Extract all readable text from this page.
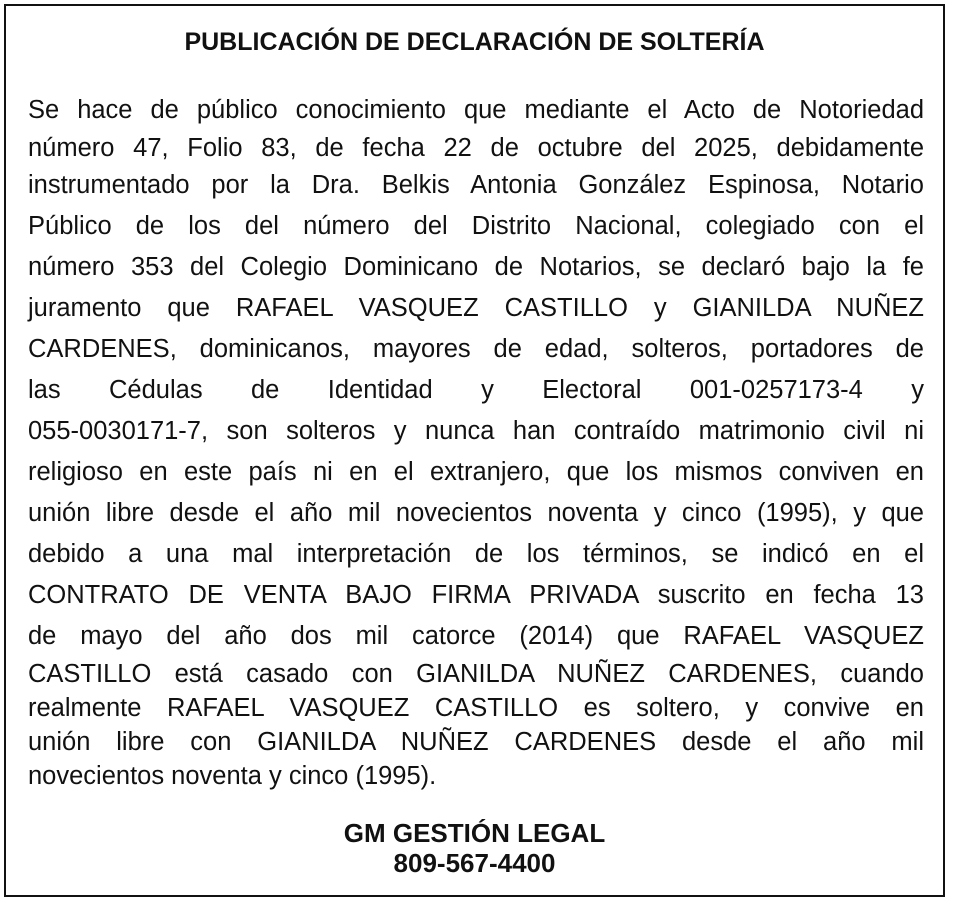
PUBLICACIÓN DE DECLARACIÓN DE SOLTERÍA
Se hace de público conocimiento que mediante el Acto de Notoriedad
número 47, Folio 83, de fecha 22 de octubre del 2025, debidamente
instrumentado por la Dra. Belkis Antonia González Espinosa, Notario
Público de los del número del Distrito Nacional, colegiado con el
número 353 del Colegio Dominicano de Notarios, se declaró bajo la fe
juramento que RAFAEL VASQUEZ CASTILLO y GIANILDA NUÑEZ
CARDENES, dominicanos, mayores de edad, solteros, portadores de
las Cédulas de Identidad y Electoral 001-0257173-4 y
055-0030171-7, son solteros y nunca han contraído matrimonio civil ni
religioso en este país ni en el extranjero, que los mismos conviven en
unión libre desde el año mil novecientos noventa y cinco (1995), y que
debido a una mal interpretación de los términos, se indicó en el
CONTRATO DE VENTA BAJO FIRMA PRIVADA suscrito en fecha 13
de mayo del año dos mil catorce (2014) que RAFAEL VASQUEZ
CASTILLO está casado con GIANILDA NUÑEZ CARDENES, cuando
realmente RAFAEL VASQUEZ CASTILLO es soltero, y convive en
unión libre con GIANILDA NUÑEZ CARDENES desde el año mil
novecientos noventa y cinco (1995).
GM GESTIÓN LEGAL
809-567-4400
